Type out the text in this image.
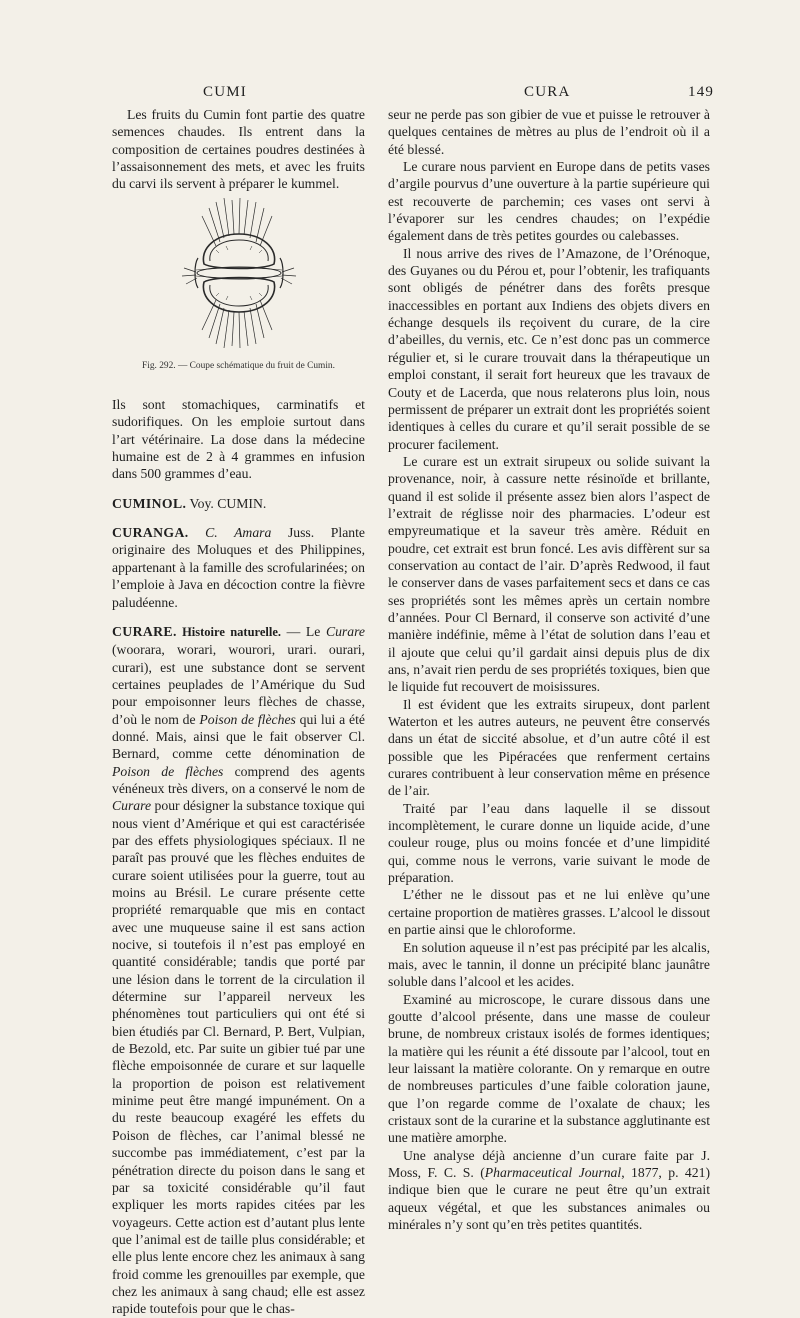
CUMI	CURA	149

Les fruits du Cumin font partie des quatre semences chaudes. Ils entrent dans la composition de certaines poudres destinées à l’assaisonnement des mets, et avec les fruits du carvi ils servent à préparer le kummel.

Fig. 292. — Coupe schématique du fruit de Cumin.

Ils sont stomachiques, carminatifs et sudorifiques. On les emploie surtout dans l’art vétérinaire. La dose dans la médecine humaine est de 2 à 4 grammes en infusion dans 500 grammes d’eau.

CUMINOL. Voy. CUMIN.

CURANGA. C. Amara Juss. Plante originaire des Moluques et des Philippines, appartenant à la famille des scrofularinées; on l’emploie à Java en décoction contre la fièvre paludéenne.

CURARE. Histoire naturelle. — Le Curare (woorara, worari, wourori, urari. ourari, curari), est une substance dont se servent certaines peuplades de l’Amérique du Sud pour empoisonner leurs flèches de chasse, d’où le nom de Poison de flèches qui lui a été donné. Mais, ainsi que le fait observer Cl. Bernard, comme cette dénomination de Poison de flèches comprend des agents vénéneux très divers, on a conservé le nom de Curare pour désigner la substance toxique qui nous vient d’Amérique et qui est caractérisée par des effets physiologiques spéciaux. Il ne paraît pas prouvé que les flèches enduites de curare soient utilisées pour la guerre, tout au moins au Brésil. Le curare présente cette propriété remarquable que mis en contact avec une muqueuse saine il est sans action nocive, si toutefois il n’est pas employé en quantité considérable; tandis que porté par une lésion dans le torrent de la circulation il détermine sur l’appareil nerveux les phénomènes tout particuliers qui ont été si bien étudiés par Cl. Bernard, P. Bert, Vulpian, de Bezold, etc. Par suite un gibier tué par une flèche empoisonnée de curare et sur laquelle la proportion de poison est relativement minime peut être mangé impunément. On a du reste beaucoup exagéré les effets du Poison de flèches, car l’animal blessé ne succombe pas immédiatement, c’est par la pénétration directe du poison dans le sang et par sa toxicité considérable qu’il faut expliquer les morts rapides citées par les voyageurs. Cette action est d’autant plus lente que l’animal est de taille plus considérable; et elle plus lente encore chez les animaux à sang froid comme les grenouilles par exemple, que chez les animaux à sang chaud; elle est assez rapide toutefois pour que le chas-

seur ne perde pas son gibier de vue et puisse le retrouver à quelques centaines de mètres au plus de l’endroit où il a été blessé.

Le curare nous parvient en Europe dans de petits vases d’argile pourvus d’une ouverture à la partie supérieure qui est recouverte de parchemin; ces vases ont servi à l’évaporer sur les cendres chaudes; on l’expédie également dans de très petites gourdes ou calebasses.

Il nous arrive des rives de l’Amazone, de l’Orénoque, des Guyanes ou du Pérou et, pour l’obtenir, les trafiquants sont obligés de pénétrer dans des forêts presque inaccessibles en portant aux Indiens des objets divers en échange desquels ils reçoivent du curare, de la cire d’abeilles, du vernis, etc. Ce n’est donc pas un commerce régulier et, si le curare trouvait dans la thérapeutique un emploi constant, il serait fort heureux que les travaux de Couty et de Lacerda, que nous relaterons plus loin, nous permissent de préparer un extrait dont les propriétés soient identiques à celles du curare et qu’il serait possible de se procurer facilement.

Le curare est un extrait sirupeux ou solide suivant la provenance, noir, à cassure nette résinoïde et brillante, quand il est solide il présente assez bien alors l’aspect de l’extrait de réglisse noir des pharmacies. L’odeur est empyreumatique et la saveur très amère. Réduit en poudre, cet extrait est brun foncé. Les avis diffèrent sur sa conservation au contact de l’air. D’après Redwood, il faut le conserver dans de vases parfaitement secs et dans ce cas ses propriétés sont les mêmes après un certain nombre d’années. Pour Cl Bernard, il conserve son activité d’une manière indéfinie, même à l’état de solution dans l’eau et il ajoute que celui qu’il gardait ainsi depuis plus de dix ans, n’avait rien perdu de ses propriétés toxiques, bien que le liquide fut recouvert de moisissures.

Il est évident que les extraits sirupeux, dont parlent Waterton et les autres auteurs, ne peuvent être conservés dans un état de siccité absolue, et d’un autre côté il est possible que les Pipéracées que renferment certains curares contribuent à leur conservation même en présence de l’air.

Traité par l’eau dans laquelle il se dissout incomplètement, le curare donne un liquide acide, d’une couleur rouge, plus ou moins foncée et d’une limpidité qui, comme nous le verrons, varie suivant le mode de préparation.

L’éther ne le dissout pas et ne lui enlève qu’une certaine proportion de matières grasses. L’alcool le dissout en partie ainsi que le chloroforme.

En solution aqueuse il n’est pas précipité par les alcalis, mais, avec le tannin, il donne un précipité blanc jaunâtre soluble dans l’alcool et les acides.

Examiné au microscope, le curare dissous dans une goutte d’alcool présente, dans une masse de couleur brune, de nombreux cristaux isolés de formes identiques; la matière qui les réunit a été dissoute par l’alcool, tout en leur laissant la matière colorante. On y remarque en outre de nombreuses particules d’une faible coloration jaune, que l’on regarde comme de l’oxalate de chaux; les cristaux sont de la curarine et la substance agglutinante est une matière amorphe.

Une analyse déjà ancienne d’un curare faite par J. Moss, F. C. S. (Pharmaceutical Journal, 1877, p. 421) indique bien que le curare ne peut être qu’un extrait aqueux végétal, et que les substances animales ou minérales n’y sont qu’en très petites quantités.
